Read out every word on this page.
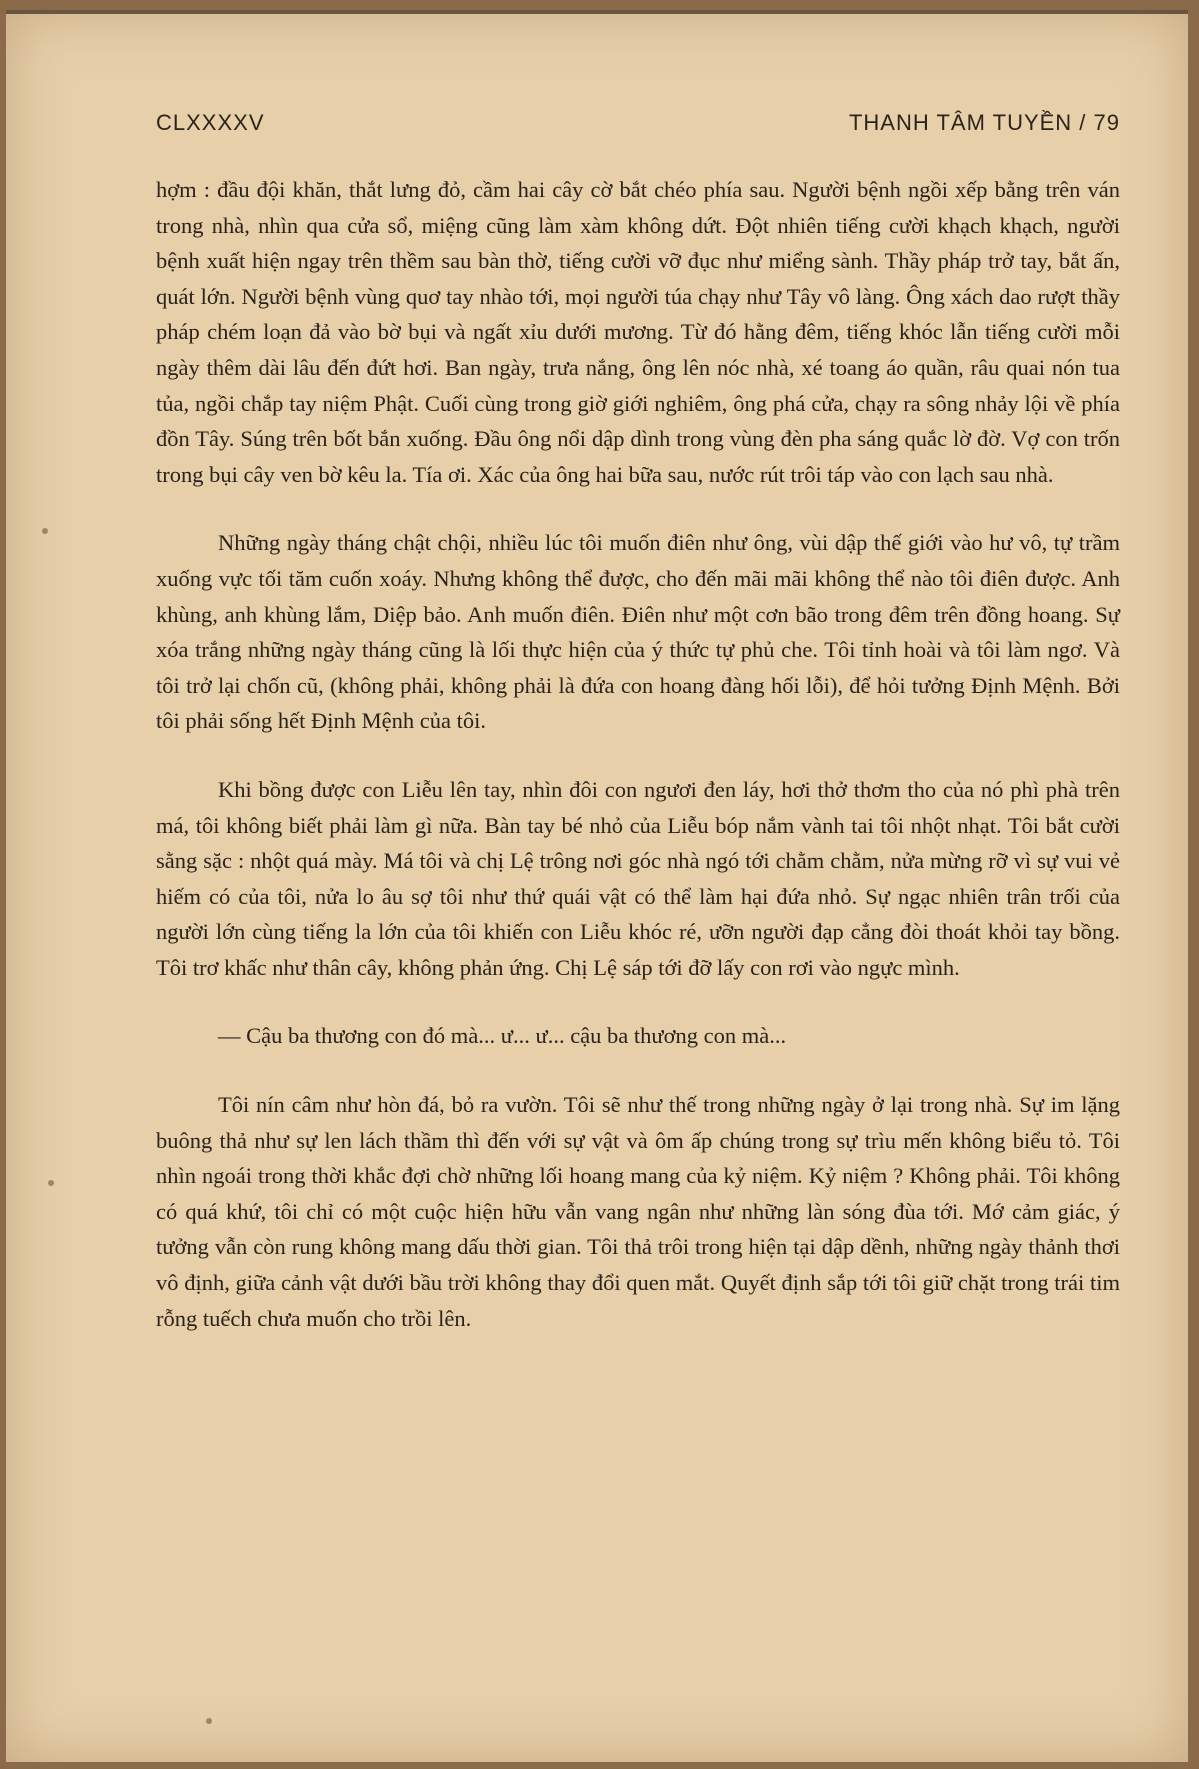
CLXXXXV	THANH TÂM TUYỀN / 79

hợm : đầu đội khăn, thắt lưng đỏ, cầm hai cây cờ bắt chéo phía sau. Người bệnh ngồi xếp bằng trên ván trong nhà, nhìn qua cửa sổ, miệng cũng làm xàm không dứt. Đột nhiên tiếng cười khạch khạch, người bệnh xuất hiện ngay trên thềm sau bàn thờ, tiếng cười vỡ đục như miểng sành. Thầy pháp trở tay, bắt ấn, quát lớn. Người bệnh vùng quơ tay nhào tới, mọi người túa chạy như Tây vô làng. Ông xách dao rượt thầy pháp chém loạn đả vào bờ bụi và ngất xỉu dưới mương. Từ đó hằng đêm, tiếng khóc lẫn tiếng cười mỗi ngày thêm dài lâu đến đứt hơi. Ban ngày, trưa nắng, ông lên nóc nhà, xé toang áo quần, râu quai nón tua tủa, ngồi chắp tay niệm Phật. Cuối cùng trong giờ giới nghiêm, ông phá cửa, chạy ra sông nhảy lội về phía đồn Tây. Súng trên bốt bắn xuống. Đầu ông nổi dập dình trong vùng đèn pha sáng quắc lờ đờ. Vợ con trốn trong bụi cây ven bờ kêu la. Tía ơi. Xác của ông hai bữa sau, nước rút trôi táp vào con lạch sau nhà.

Những ngày tháng chật chội, nhiều lúc tôi muốn điên như ông, vùi dập thế giới vào hư vô, tự trầm xuống vực tối tăm cuốn xoáy. Nhưng không thể được, cho đến mãi mãi không thể nào tôi điên được. Anh khùng, anh khùng lắm, Diệp bảo. Anh muốn điên. Điên như một cơn bão trong đêm trên đồng hoang. Sự xóa trắng những ngày tháng cũng là lối thực hiện của ý thức tự phủ che. Tôi tỉnh hoài và tôi làm ngơ. Và tôi trở lại chốn cũ, (không phải, không phải là đứa con hoang đàng hối lỗi), để hỏi tưởng Định Mệnh. Bởi tôi phải sống hết Định Mệnh của tôi.

Khi bồng được con Liễu lên tay, nhìn đôi con ngươi đen láy, hơi thở thơm tho của nó phì phà trên má, tôi không biết phải làm gì nữa. Bàn tay bé nhỏ của Liễu bóp nắm vành tai tôi nhột nhạt. Tôi bắt cười sằng sặc : nhột quá mày. Má tôi và chị Lệ trông nơi góc nhà ngó tới chằm chằm, nửa mừng rỡ vì sự vui vẻ hiếm có của tôi, nửa lo âu sợ tôi như thứ quái vật có thể làm hại đứa nhỏ. Sự ngạc nhiên trân trối của người lớn cùng tiếng la lớn của tôi khiến con Liễu khóc ré, ưỡn người đạp cẳng đòi thoát khỏi tay bồng. Tôi trơ khấc như thân cây, không phản ứng. Chị Lệ sáp tới đỡ lấy con rơi vào ngực mình.

— Cậu ba thương con đó mà... ư... ư... cậu ba thương con mà...

Tôi nín câm như hòn đá, bỏ ra vườn. Tôi sẽ như thế trong những ngày ở lại trong nhà. Sự im lặng buông thả như sự len lách thầm thì đến với sự vật và ôm ấp chúng trong sự trìu mến không biểu tỏ. Tôi nhìn ngoái trong thời khắc đợi chờ những lối hoang mang của kỷ niệm. Kỷ niệm ? Không phải. Tôi không có quá khứ, tôi chỉ có một cuộc hiện hữu vẫn vang ngân như những làn sóng đùa tới. Mớ cảm giác, ý tưởng vẫn còn rung không mang dấu thời gian. Tôi thả trôi trong hiện tại dập dềnh, những ngày thảnh thơi vô định, giữa cảnh vật dưới bầu trời không thay đổi quen mắt. Quyết định sắp tới tôi giữ chặt trong trái tim rỗng tuếch chưa muốn cho trồi lên.
